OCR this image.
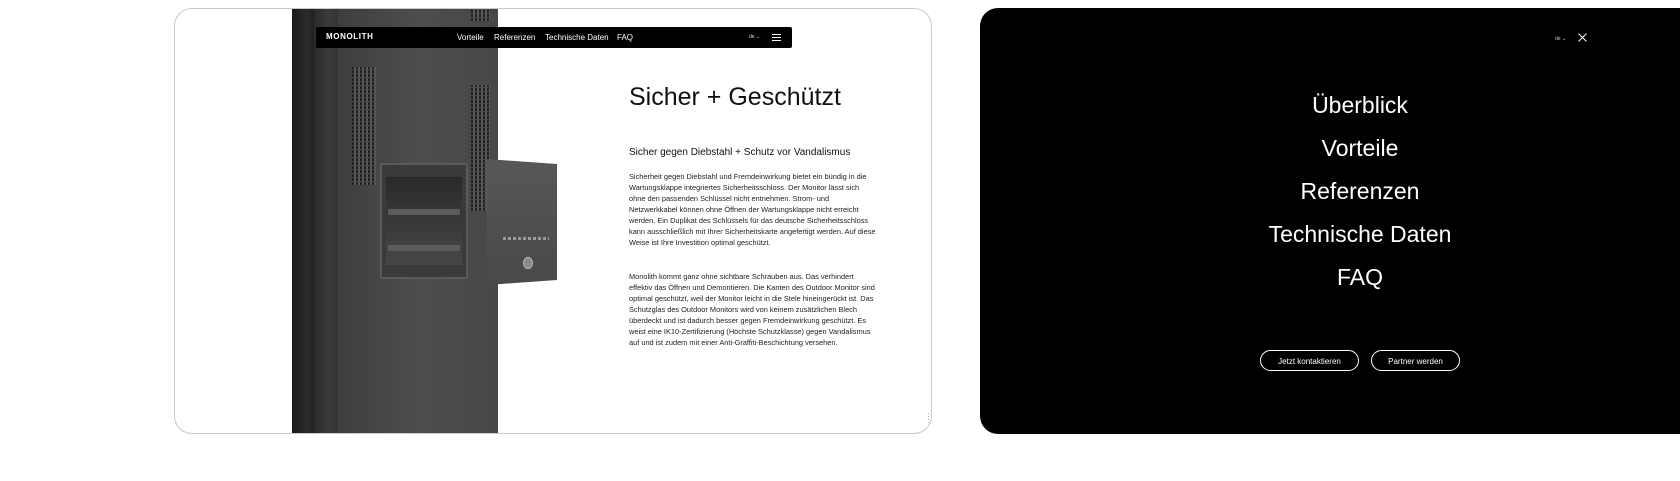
MONOLITH	Vorteile Referenzen Technische Daten FAQ	de ⌄
Sicher + Geschützt
Sicher gegen Diebstahl + Schutz vor Vandalismus

Sicherheit gegen Diebstahl und Fremdeinwirkung bietet ein bündig in die Wartungsklappe integriertes Sicherheitsschloss. Der Monitor lässt sich ohne den passenden Schlüssel nicht entnehmen. Strom- und Netzwerkkabel können ohne Öffnen der Wartungsklappe nicht erreicht werden. Ein Duplikat des Schlüssels für das deutsche Sicherheitsschloss kann ausschließlich mit Ihrer Sicherheitskarte angefertigt werden. Auf diese Weise ist Ihre Investition optimal geschützt.

Monolith kommt ganz ohne sichtbare Schrauben aus. Das verhindert effektiv das Öffnen und Demontieren. Die Kanten des Outdoor Monitor sind optimal geschützt, weil der Monitor leicht in die Stele hineingerückt ist. Das Schutzglas des Outdoor Monitors wird von keinem zusätzlichen Blech überdeckt und ist dadurch besser gegen Fremdeinwirkung geschützt. Es weist eine IK10-Zertifizierung (Höchste Schutzklasse) gegen Vandalismus auf und ist zudem mit einer Anti-Graffiti-Beschichtung versehen.

de ⌄
Überblick
Vorteile
Referenzen
Technische Daten
FAQ
Jetzt kontaktieren	Partner werden
